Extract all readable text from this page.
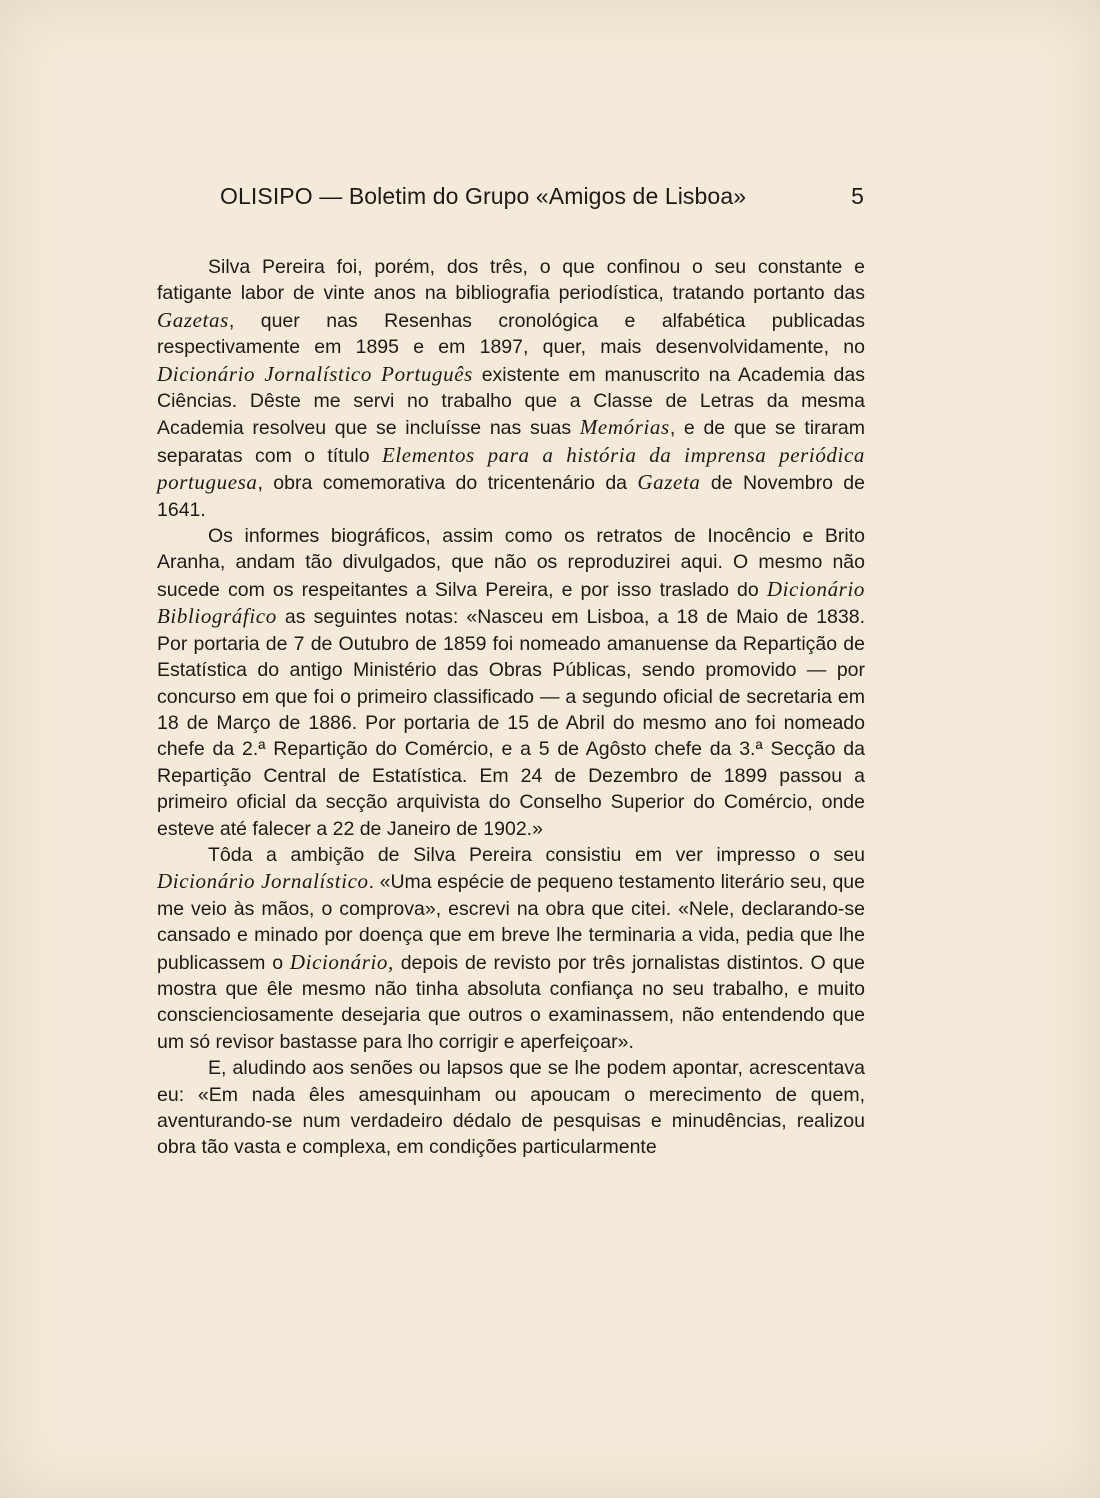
OLISIPO — Boletim do Grupo «Amigos de Lisboa»	5

Silva Pereira foi, porém, dos três, o que confinou o seu constante e fatigante labor de vinte anos na bibliografia periodística, tratando portanto das Gazetas, quer nas Resenhas cronológica e alfabética publicadas respectivamente em 1895 e em 1897, quer, mais desenvolvidamente, no Dicionário Jornalístico Português existente em manuscrito na Academia das Ciências. Dêste me servi no trabalho que a Classe de Letras da mesma Academia resolveu que se incluísse nas suas Memórias, e de que se tiraram separatas com o título Elementos para a história da imprensa periódica portuguesa, obra comemorativa do tricentenário da Gazeta de Novembro de 1641.

Os informes biográficos, assim como os retratos de Inocêncio e Brito Aranha, andam tão divulgados, que não os reproduzirei aqui. O mesmo não sucede com os respeitantes a Silva Pereira, e por isso traslado do Dicionário Bibliográfico as seguintes notas: «Nasceu em Lisboa, a 18 de Maio de 1838. Por portaria de 7 de Outubro de 1859 foi nomeado amanuense da Repartição de Estatística do antigo Ministério das Obras Públicas, sendo promovido — por concurso em que foi o primeiro classificado — a segundo oficial de secretaria em 18 de Março de 1886. Por portaria de 15 de Abril do mesmo ano foi nomeado chefe da 2.ª Repartição do Comércio, e a 5 de Agôsto chefe da 3.ª Secção da Repartição Central de Estatística. Em 24 de Dezembro de 1899 passou a primeiro oficial da secção arquivista do Conselho Superior do Comércio, onde esteve até falecer a 22 de Janeiro de 1902.»

Tôda a ambição de Silva Pereira consistiu em ver impresso o seu Dicionário Jornalístico. «Uma espécie de pequeno testamento literário seu, que me veio às mãos, o comprova», escrevi na obra que citei. «Nele, declarando-se cansado e minado por doença que em breve lhe terminaria a vida, pedia que lhe publicassem o Dicionário, depois de revisto por três jornalistas distintos. O que mostra que êle mesmo não tinha absoluta confiança no seu trabalho, e muito conscienciosamente desejaria que outros o examinassem, não entendendo que um só revisor bastasse para lho corrigir e aperfeiçoar».

E, aludindo aos senões ou lapsos que se lhe podem apontar, acrescentava eu: «Em nada êles amesquinham ou apoucam o merecimento de quem, aventurando-se num verdadeiro dédalo de pesquisas e minudências, realizou obra tão vasta e complexa, em condições particularmente
